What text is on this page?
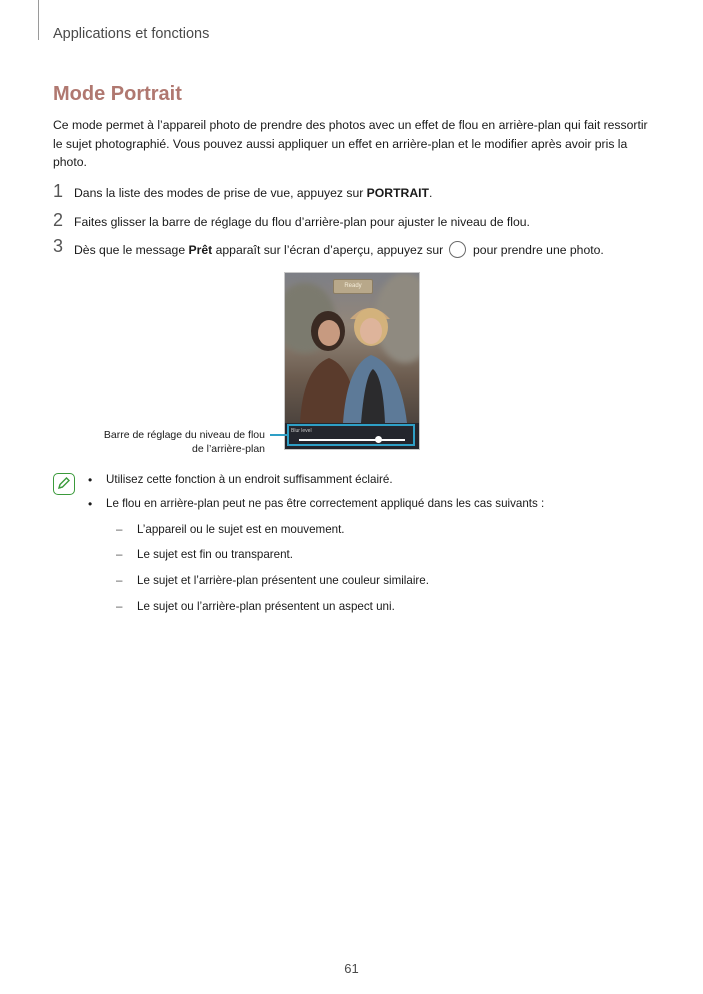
Applications et fonctions
Mode Portrait

Ce mode permet à l’appareil photo de prendre des photos avec un effet de flou en arrière-plan qui fait ressortir le sujet photographié. Vous pouvez aussi appliquer un effet en arrière-plan et le modifier après avoir pris la photo.

1 Dans la liste des modes de prise de vue, appuyez sur PORTRAIT.
2 Faites glisser la barre de réglage du flou d’arrière-plan pour ajuster le niveau de flou.
3 Dès que le message Prêt apparaît sur l’écran d’aperçu, appuyez sur  pour prendre une photo.
Ready
Blur level
Barre de réglage du niveau de flou
de l’arrière-plan
• Utilisez cette fonction à un endroit suffisamment éclairé.
• Le flou en arrière-plan peut ne pas être correctement appliqué dans les cas suivants :
– L’appareil ou le sujet est en mouvement.
– Le sujet est fin ou transparent.
– Le sujet et l’arrière-plan présentent une couleur similaire.
– Le sujet ou l’arrière-plan présentent un aspect uni.
61
